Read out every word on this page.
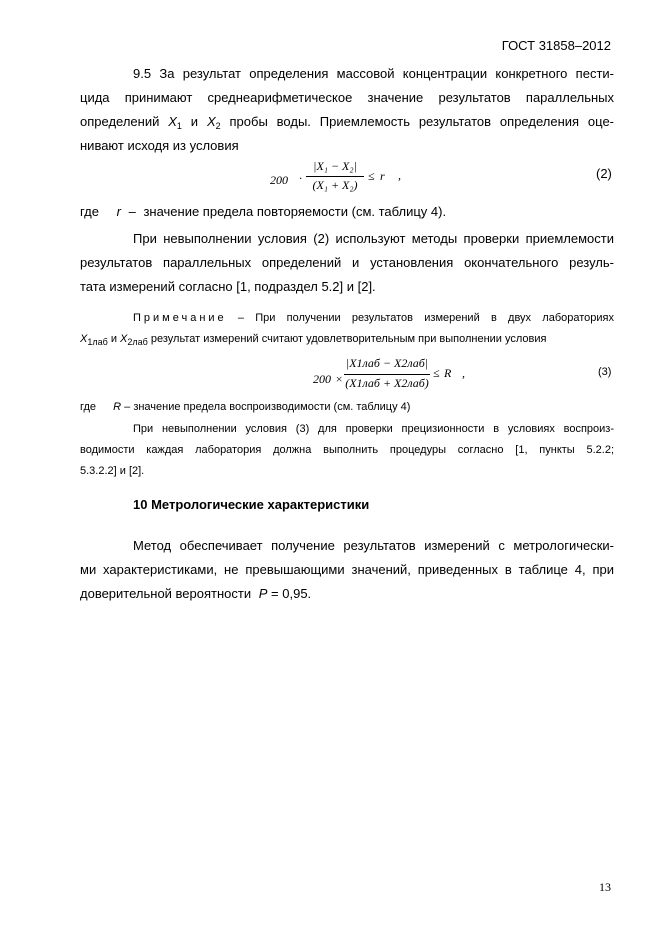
ГОСТ 31858–2012
9.5 За результат определения массовой концентрации конкретного пести-
цида принимают среднеарифметическое значение результатов параллельных
определений $X_1$ и $X_2$ пробы воды. Приемлемость результатов определения оце-
нивают исходя из условия
200 ·
|X₁ − X₂|
(X₁ + X₂)
≤ r ,	(2)
где r – значение предела повторяемости (см. таблицу 4).
При невыполнении условия (2) используют методы проверки приемлемости
результатов параллельных определений и установления окончательного резуль-
тата измерений согласно [1, подраздел 5.2] и [2].
Примечание – При получении результатов измерений в двух лабораториях
$X_{1лаб}$ и $X_{2лаб}$ результат измерений считают удовлетворительным при выполнении условия
200 ×
|X1лаб − X2лаб|
(X1лаб + X2лаб)
≤ R ,	(3)
где R – значение предела воспроизводимости (см. таблицу 4)
При невыполнении условия (3) для проверки прецизионности в условиях воспроиз-
водимости каждая лаборатория должна выполнить процедуры согласно [1, пункты 5.2.2;
5.3.2.2] и [2].
10 Метрологические характеристики
Метод обеспечивает получение результатов измерений с метрологически-
ми характеристиками, не превышающими значений, приведенных в таблице 4, при
доверительной вероятности P = 0,95.
13
